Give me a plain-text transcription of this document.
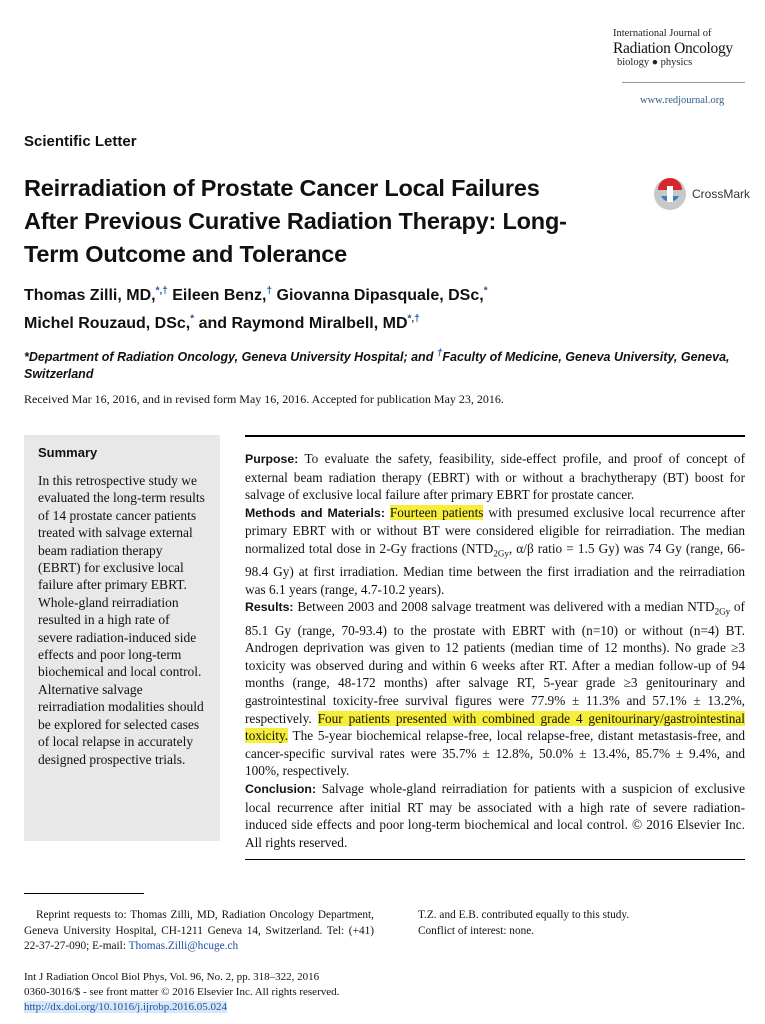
International Journal of
Radiation Oncology
biology ● physics
www.redjournal.org
Scientific Letter
Reirradiation of Prostate Cancer Local Failures After Previous Curative Radiation Therapy: Long-Term Outcome and Tolerance
CrossMark
Thomas Zilli, MD,*,† Eileen Benz,† Giovanna Dipasquale, DSc,*
Michel Rouzaud, DSc,* and Raymond Miralbell, MD*,†
*Department of Radiation Oncology, Geneva University Hospital; and †Faculty of Medicine, Geneva University, Geneva, Switzerland
Received Mar 16, 2016, and in revised form May 16, 2016. Accepted for publication May 23, 2016.
Summary
In this retrospective study we evaluated the long-term results of 14 prostate cancer patients treated with salvage external beam radiation therapy (EBRT) for exclusive local failure after primary EBRT. Whole-gland reirradiation resulted in a high rate of severe radiation-induced side effects and poor long-term biochemical and local control. Alternative salvage reirradiation modalities should be explored for selected cases of local relapse in accurately designed prospective trials.
Purpose: To evaluate the safety, feasibility, side-effect profile, and proof of concept of external beam radiation therapy (EBRT) with or without a brachytherapy (BT) boost for salvage of exclusive local failure after primary EBRT for prostate cancer.
Methods and Materials: Fourteen patients with presumed exclusive local recurrence after primary EBRT with or without BT were considered eligible for reirradiation. The median normalized total dose in 2-Gy fractions ($NTD_{2Gy}$, α/β ratio = 1.5 Gy) was 74 Gy (range, 66-98.4 Gy) at first irradiation. Median time between the first irradiation and the reirradiation was 6.1 years (range, 4.7-10.2 years).
Results: Between 2003 and 2008 salvage treatment was delivered with a median $NTD_{2Gy}$ of 85.1 Gy (range, 70-93.4) to the prostate with EBRT with (n=10) or without (n=4) BT. Androgen deprivation was given to 12 patients (median time of 12 months). No grade ≥3 toxicity was observed during and within 6 weeks after RT. After a median follow-up of 94 months (range, 48-172 months) after salvage RT, 5-year grade ≥3 genitourinary and gastrointestinal toxicity-free survival figures were 77.9% ± 11.3% and 57.1% ± 13.2%, respectively. Four patients presented with combined grade 4 genitourinary/gastrointestinal toxicity. The 5-year biochemical relapse-free, local relapse-free, distant metastasis-free, and cancer-specific survival rates were 35.7% ± 12.8%, 50.0% ± 13.4%, 85.7% ± 9.4%, and 100%, respectively.
Conclusion: Salvage whole-gland reirradiation for patients with a suspicion of exclusive local recurrence after initial RT may be associated with a high rate of severe radiation-induced side effects and poor long-term biochemical and local control. © 2016 Elsevier Inc. All rights reserved.
Reprint requests to: Thomas Zilli, MD, Radiation Oncology Department, Geneva University Hospital, CH-1211 Geneva 14, Switzerland. Tel: (+41) 22-37-27-090; E-mail: Thomas.Zilli@hcuge.ch
T.Z. and E.B. contributed equally to this study.
Conflict of interest: none.
Int J Radiation Oncol Biol Phys, Vol. 96, No. 2, pp. 318–322, 2016
0360-3016/$ - see front matter © 2016 Elsevier Inc. All rights reserved.
http://dx.doi.org/10.1016/j.ijrobp.2016.05.024
